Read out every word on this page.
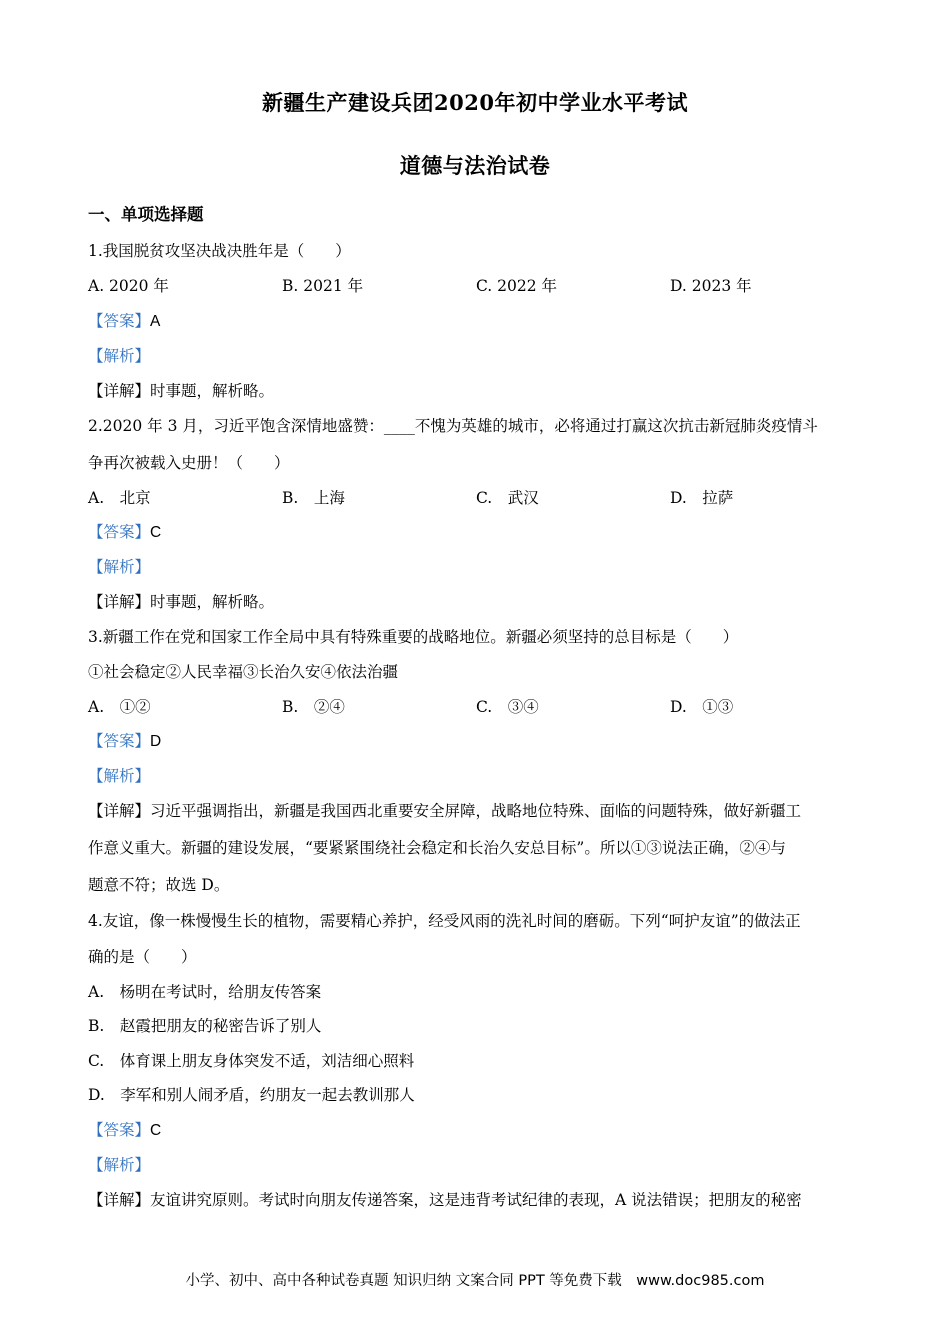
新疆生产建设兵团2020年初中学业水平考试
道德与法治试卷
一、单项选择题
1.我国脱贫攻坚决战决胜年是（　　）
A. 2020 年	B. 2021 年	C. 2022 年	D. 2023 年
【答案】A
【解析】
【详解】时事题，解析略。
2.2020 年 3 月，习近平饱含深情地盛赞：____不愧为英雄的城市，必将通过打赢这次抗击新冠肺炎疫情斗
争再次被载入史册！（　　）
A.　北京	B.　上海	C.　武汉	D.　拉萨
【答案】C
【解析】
【详解】时事题，解析略。
3.新疆工作在党和国家工作全局中具有特殊重要的战略地位。新疆必须坚持的总目标是（　　）
①社会稳定②人民幸福③长治久安④依法治疆
A.　①②	B.　②④	C.　③④	D.　①③
【答案】D
【解析】
【详解】习近平强调指出，新疆是我国西北重要安全屏障，战略地位特殊、面临的问题特殊，做好新疆工
作意义重大。新疆的建设发展，“要紧紧围绕社会稳定和长治久安总目标”。所以①③说法正确，②④与
题意不符；故选 D。
4.友谊，像一株慢慢生长的植物，需要精心养护，经受风雨的洗礼时间的磨砺。下列“呵护友谊”的做法正
确的是（　　）
A.　杨明在考试时，给朋友传答案
B.　赵霞把朋友的秘密告诉了别人
C.　体育课上朋友身体突发不适，刘洁细心照料
D.　李军和别人闹矛盾，约朋友一起去教训那人
【答案】C
【解析】
【详解】友谊讲究原则。考试时向朋友传递答案，这是违背考试纪律的表现，A 说法错误；把朋友的秘密
小学、初中、高中各种试卷真题 知识归纳 文案合同 PPT 等免费下载　www.doc985.com
